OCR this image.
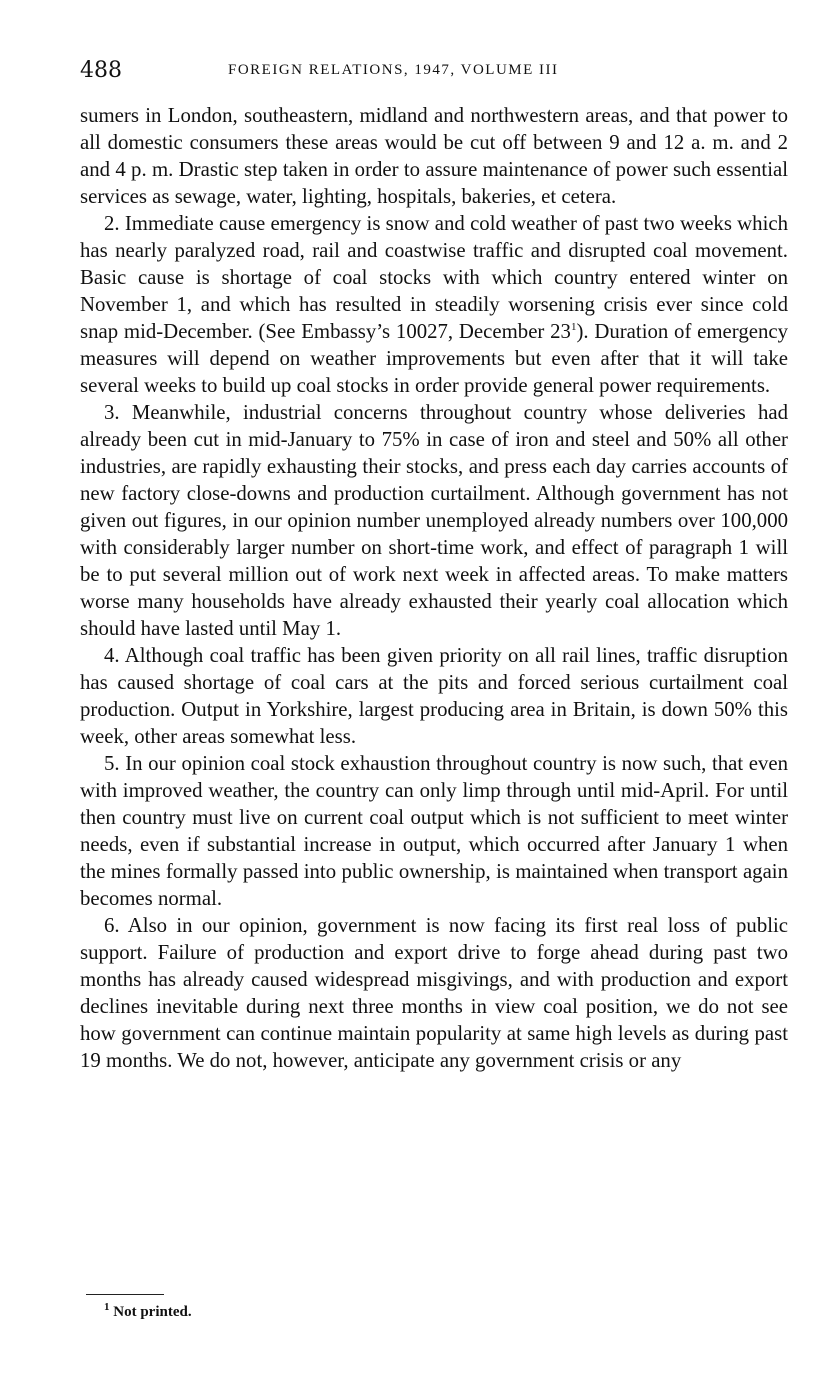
488	FOREIGN RELATIONS, 1947, VOLUME III

sumers in London, southeastern, midland and northwestern areas, and that power to all domestic consumers these areas would be cut off between 9 and 12 a. m. and 2 and 4 p. m. Drastic step taken in order to assure maintenance of power such essential services as sewage, water, lighting, hospitals, bakeries, et cetera.

2. Immediate cause emergency is snow and cold weather of past two weeks which has nearly paralyzed road, rail and coastwise traffic and disrupted coal movement. Basic cause is shortage of coal stocks with which country entered winter on November 1, and which has resulted in steadily worsening crisis ever since cold snap mid-December. (See Embassy’s 10027, December $23^1$). Duration of emergency measures will depend on weather improvements but even after that it will take several weeks to build up coal stocks in order provide general power requirements.

3. Meanwhile, industrial concerns throughout country whose deliveries had already been cut in mid-January to 75% in case of iron and steel and 50% all other industries, are rapidly exhausting their stocks, and press each day carries accounts of new factory close-downs and production curtailment. Although government has not given out figures, in our opinion number unemployed already numbers over 100,000 with considerably larger number on short-time work, and effect of paragraph 1 will be to put several million out of work next week in affected areas. To make matters worse many households have already exhausted their yearly coal allocation which should have lasted until May 1.

4. Although coal traffic has been given priority on all rail lines, traffic disruption has caused shortage of coal cars at the pits and forced serious curtailment coal production. Output in Yorkshire, largest producing area in Britain, is down 50% this week, other areas somewhat less.

5. In our opinion coal stock exhaustion throughout country is now such, that even with improved weather, the country can only limp through until mid-April. For until then country must live on current coal output which is not sufficient to meet winter needs, even if substantial increase in output, which occurred after January 1 when the mines formally passed into public ownership, is maintained when transport again becomes normal.

6. Also in our opinion, government is now facing its first real loss of public support. Failure of production and export drive to forge ahead during past two months has already caused widespread misgivings, and with production and export declines inevitable during next three months in view coal position, we do not see how government can continue maintain popularity at same high levels as during past 19 months. We do not, however, anticipate any government crisis or any

$^1$ Not printed.
